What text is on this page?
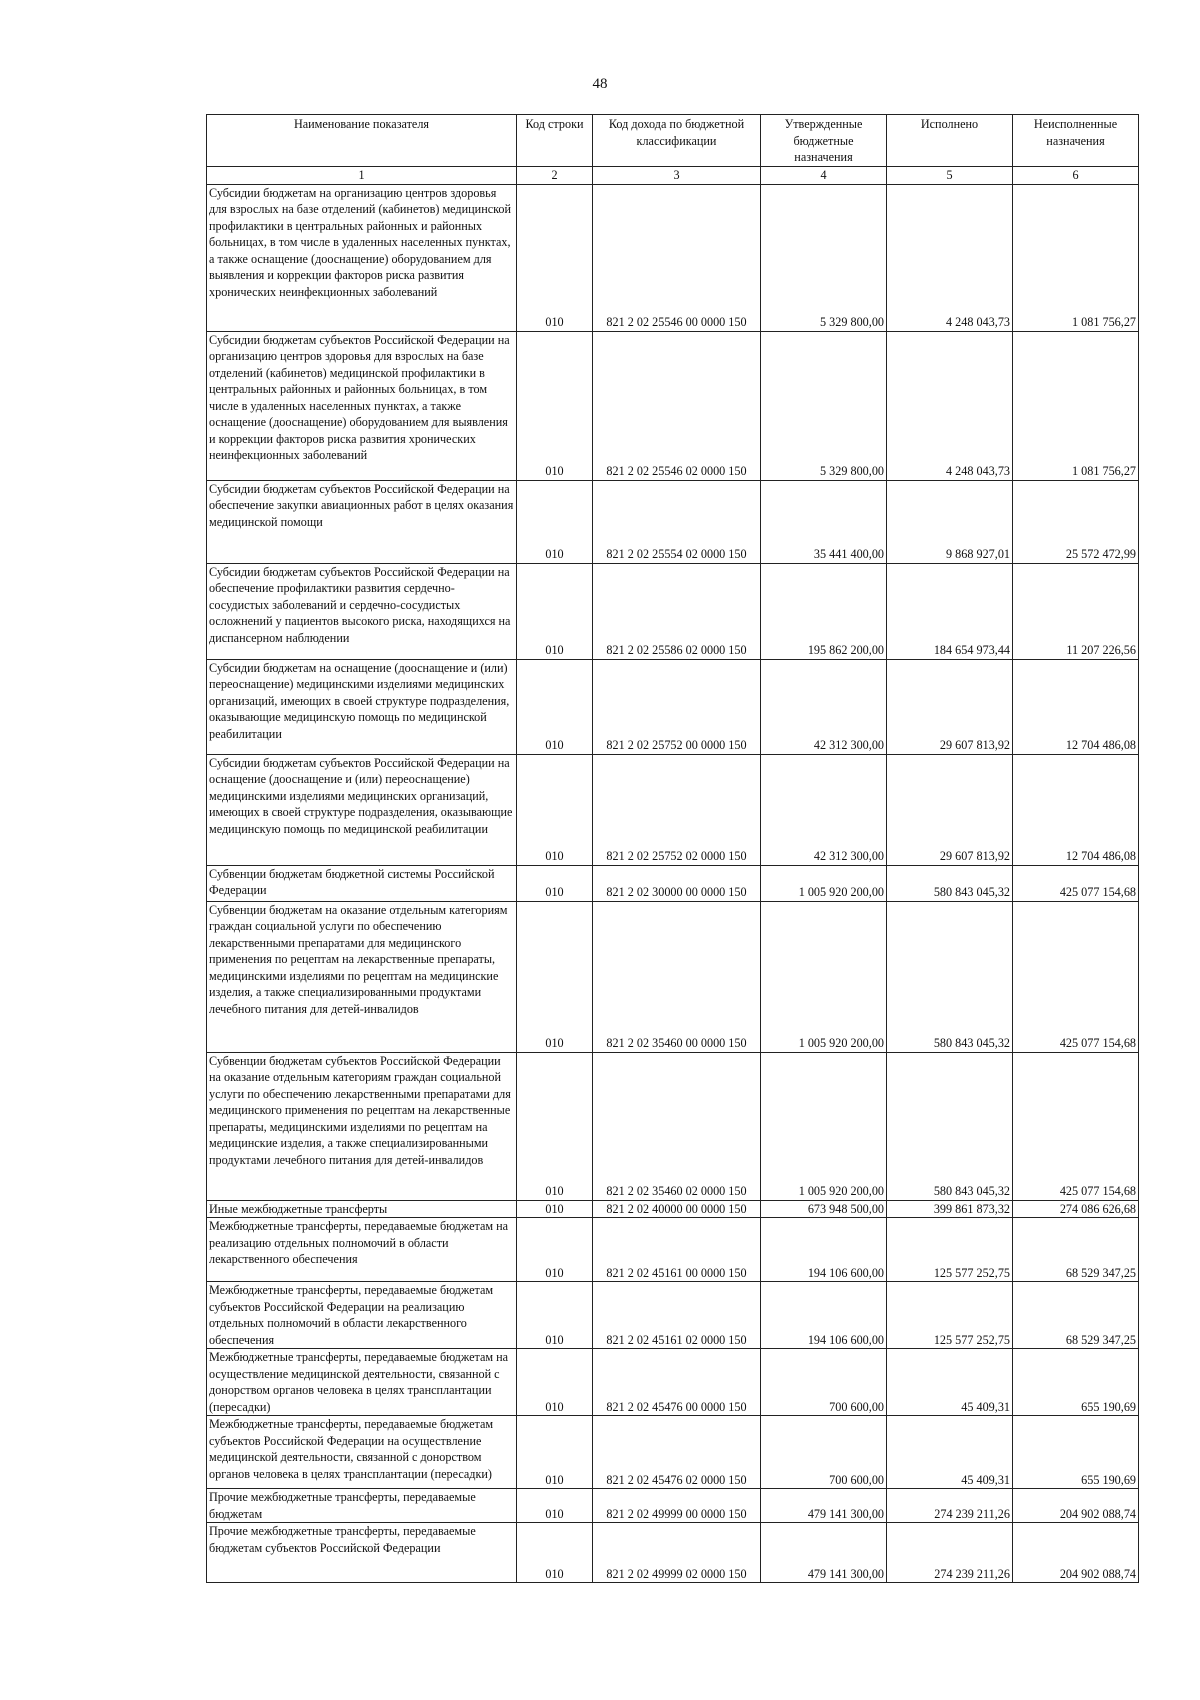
48
Наименование показателя	Код строки	Код дохода по бюджетной классификации	Утвержденные бюджетные назначения	Исполнено	Неисполненные назначения
1	2	3	4	5	6
Субсидии бюджетам на организацию центров здоровья для взрослых на базе отделений (кабинетов) медицинской профилактики в центральных районных и районных больницах, в том числе в удаленных населенных пунктах, а также оснащение (дооснащение) оборудованием для выявления и коррекции факторов риска развития хронических неинфекционных заболеваний	010	821 2 02 25546 00 0000 150	5 329 800,00	4 248 043,73	1 081 756,27
Субсидии бюджетам субъектов Российской Федерации на организацию центров здоровья для взрослых на базе отделений (кабинетов) медицинской профилактики в центральных районных и районных больницах, в том числе в удаленных населенных пунктах, а также оснащение (дооснащение) оборудованием для выявления и коррекции факторов риска развития хронических неинфекционных заболеваний	010	821 2 02 25546 02 0000 150	5 329 800,00	4 248 043,73	1 081 756,27
Субсидии бюджетам субъектов Российской Федерации на обеспечение закупки авиационных работ в целях оказания медицинской помощи	010	821 2 02 25554 02 0000 150	35 441 400,00	9 868 927,01	25 572 472,99
Субсидии бюджетам субъектов Российской Федерации на обеспечение профилактики развития сердечно-сосудистых заболеваний и сердечно-сосудистых осложнений у пациентов высокого риска, находящихся на диспансерном наблюдении	010	821 2 02 25586 02 0000 150	195 862 200,00	184 654 973,44	11 207 226,56
Субсидии бюджетам на оснащение (дооснащение и (или) переоснащение) медицинскими изделиями медицинских организаций, имеющих в своей структуре подразделения, оказывающие медицинскую помощь по медицинской реабилитации	010	821 2 02 25752 00 0000 150	42 312 300,00	29 607 813,92	12 704 486,08
Субсидии бюджетам субъектов Российской Федерации на оснащение (дооснащение и (или) переоснащение) медицинскими изделиями медицинских организаций, имеющих в своей структуре подразделения, оказывающие медицинскую помощь по медицинской реабилитации	010	821 2 02 25752 02 0000 150	42 312 300,00	29 607 813,92	12 704 486,08
Субвенции бюджетам бюджетной системы Российской Федерации	010	821 2 02 30000 00 0000 150	1 005 920 200,00	580 843 045,32	425 077 154,68
Субвенции бюджетам на оказание отдельным категориям граждан социальной услуги по обеспечению лекарственными препаратами для медицинского применения по рецептам на лекарственные препараты, медицинскими изделиями по рецептам на медицинские изделия, а также специализированными продуктами лечебного питания для детей-инвалидов	010	821 2 02 35460 00 0000 150	1 005 920 200,00	580 843 045,32	425 077 154,68
Субвенции бюджетам субъектов Российской Федерации на оказание отдельным категориям граждан социальной услуги по обеспечению лекарственными препаратами для медицинского применения по рецептам на лекарственные препараты, медицинскими изделиями по рецептам на медицинские изделия, а также специализированными продуктами лечебного питания для детей-инвалидов	010	821 2 02 35460 02 0000 150	1 005 920 200,00	580 843 045,32	425 077 154,68
Иные межбюджетные трансферты	010	821 2 02 40000 00 0000 150	673 948 500,00	399 861 873,32	274 086 626,68
Межбюджетные трансферты, передаваемые бюджетам на реализацию отдельных полномочий в области лекарственного обеспечения	010	821 2 02 45161 00 0000 150	194 106 600,00	125 577 252,75	68 529 347,25
Межбюджетные трансферты, передаваемые бюджетам субъектов Российской Федерации на реализацию отдельных полномочий в области лекарственного обеспечения	010	821 2 02 45161 02 0000 150	194 106 600,00	125 577 252,75	68 529 347,25
Межбюджетные трансферты, передаваемые бюджетам на осуществление медицинской деятельности, связанной с донорством органов человека в целях трансплантации (пересадки)	010	821 2 02 45476 00 0000 150	700 600,00	45 409,31	655 190,69
Межбюджетные трансферты, передаваемые бюджетам субъектов Российской Федерации на осуществление медицинской деятельности, связанной с донорством органов человека в целях трансплантации (пересадки)	010	821 2 02 45476 02 0000 150	700 600,00	45 409,31	655 190,69
Прочие межбюджетные трансферты, передаваемые бюджетам	010	821 2 02 49999 00 0000 150	479 141 300,00	274 239 211,26	204 902 088,74
Прочие межбюджетные трансферты, передаваемые бюджетам субъектов Российской Федерации	010	821 2 02 49999 02 0000 150	479 141 300,00	274 239 211,26	204 902 088,74
